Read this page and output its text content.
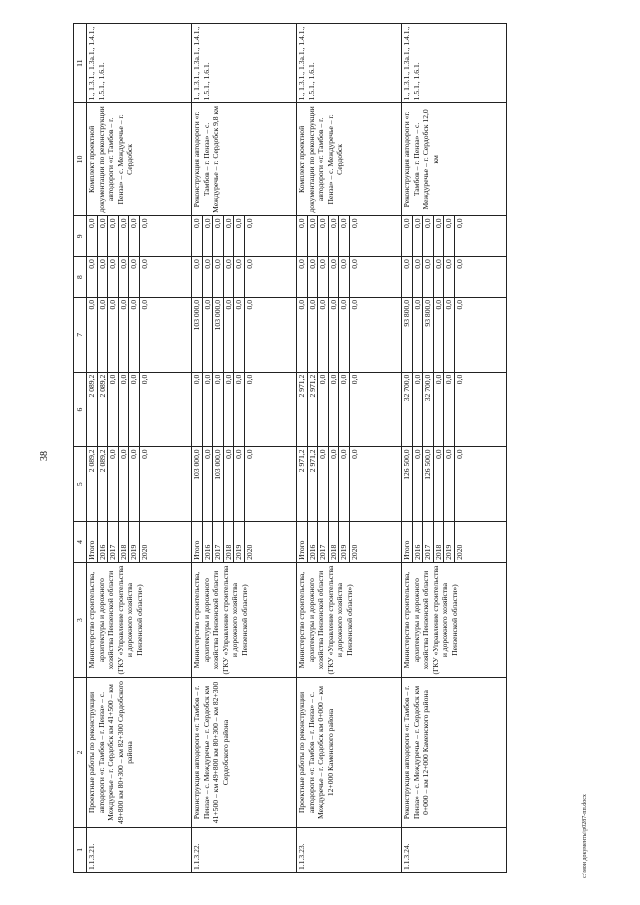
38
1	2	3	4	5	6	7	8	9	10	11
1.1.3.21.	Проектные работы по реконструкции автодороги «г. Тамбов – г. Пенза» – с. Междуречье – г. Сердобск км 41+500 – км 49+800 км 80+300 – км 82+300 Сердобского района	Министерство строительства, архитектуры и дорожного хозяйства Пензенской области (ГКУ «Управление строительства и дорожного хозяйства Пензенской области»)	Итого	2 089,2	2 089,2	0,0	0,0	0,0	Комплект проектной документации по реконструкции автодороги «г. Тамбов – г. Пенза» – с. Междуречье – г. Сердобск	1., 1.3.1., 1.3а.1., 1.4.1., 1.5.1., 1.6.1.
			2016	2 089,2	2 089,2	0,0	0,0	0,0		
			2017	0,0	0,0	0,0	0,0	0,0		
			2018	0,0	0,0	0,0	0,0	0,0		
			2019	0,0	0,0	0,0	0,0	0,0		
			2020	0,0	0,0	0,0	0,0	0,0		
1.1.3.22.	Реконструкция автодороги «г. Тамбов – г. Пенза» – с. Междуречье – г. Сердобск км 41+500 – км 49+800 км 80+300 – км 82+300 Сердобского района	Министерство строительства, архитектуры и дорожного хозяйства Пензенской области (ГКУ «Управление строительства и дорожного хозяйства Пензенской области»)	Итого	103 000,0	0,0	103 000,0	0,0	0,0	Реконструкция автодороги «г. Тамбов – г. Пенза» – с. Междуречье – г. Сердобск 9,8 км	1., 1.3.1., 1.3а.1., 1.4.1., 1.5.1., 1.6.1.
			2016	0,0	0,0	0,0	0,0	0,0		
			2017	103 000,0	0,0	103 000,0	0,0	0,0		
			2018	0,0	0,0	0,0	0,0	0,0		
			2019	0,0	0,0	0,0	0,0	0,0		
			2020	0,0	0,0	0,0	0,0	0,0		
1.1.3.23.	Проектные работы по реконструкции автодороги «г. Тамбов – г. Пенза» – с. Междуречье – г. Сердобск км 0+000 – км 12+000 Каменского района	Министерство строительства, архитектуры и дорожного хозяйства Пензенской области (ГКУ «Управление строительства и дорожного хозяйства Пензенской области»)	Итого	2 971,2	2 971,2	0,0	0,0	0,0	Комплект проектной документации по реконструкции автодороги «г. Тамбов – г. Пенза» – с. Междуречье – г. Сердобск	1., 1.3.1., 1.3а.1., 1.4.1., 1.5.1., 1.6.1.
			2016	2 971,2	2 971,2	0,0	0,0	0,0		
			2017	0,0	0,0	0,0	0,0	0,0		
			2018	0,0	0,0	0,0	0,0	0,0		
			2019	0,0	0,0	0,0	0,0	0,0		
			2020	0,0	0,0	0,0	0,0	0,0		
1.1.3.24.	Реконструкция автодороги «г. Тамбов – г. Пенза» – с. Междуречье – г. Сердобск км 0+000 – км 12+000 Каменского района	Министерство строительства, архитектуры и дорожного хозяйства Пензенской области (ГКУ «Управление строительства и дорожного хозяйства Пензенской области»)	Итого	126 500,0	32 700,0	93 800,0	0,0	0,0	Реконструкция автодороги «г. Тамбов – г. Пенза» – с. Междуречье – г. Сердобск 12,0 км	1., 1.3.1., 1.3а.1., 1.4.1., 1.5.1., 1.6.1.
			2016	0,0	0,0	0,0	0,0	0,0		
			2017	126 500,0	32 700,0	93 800,0	0,0	0,0		
			2018	0,0	0,0	0,0	0,0	0,0		
			2019	0,0	0,0	0,0	0,0	0,0		
			2020	0,0	0,0	0,0	0,0	0,0		
c:\мои документы\р0287-пп.docx
